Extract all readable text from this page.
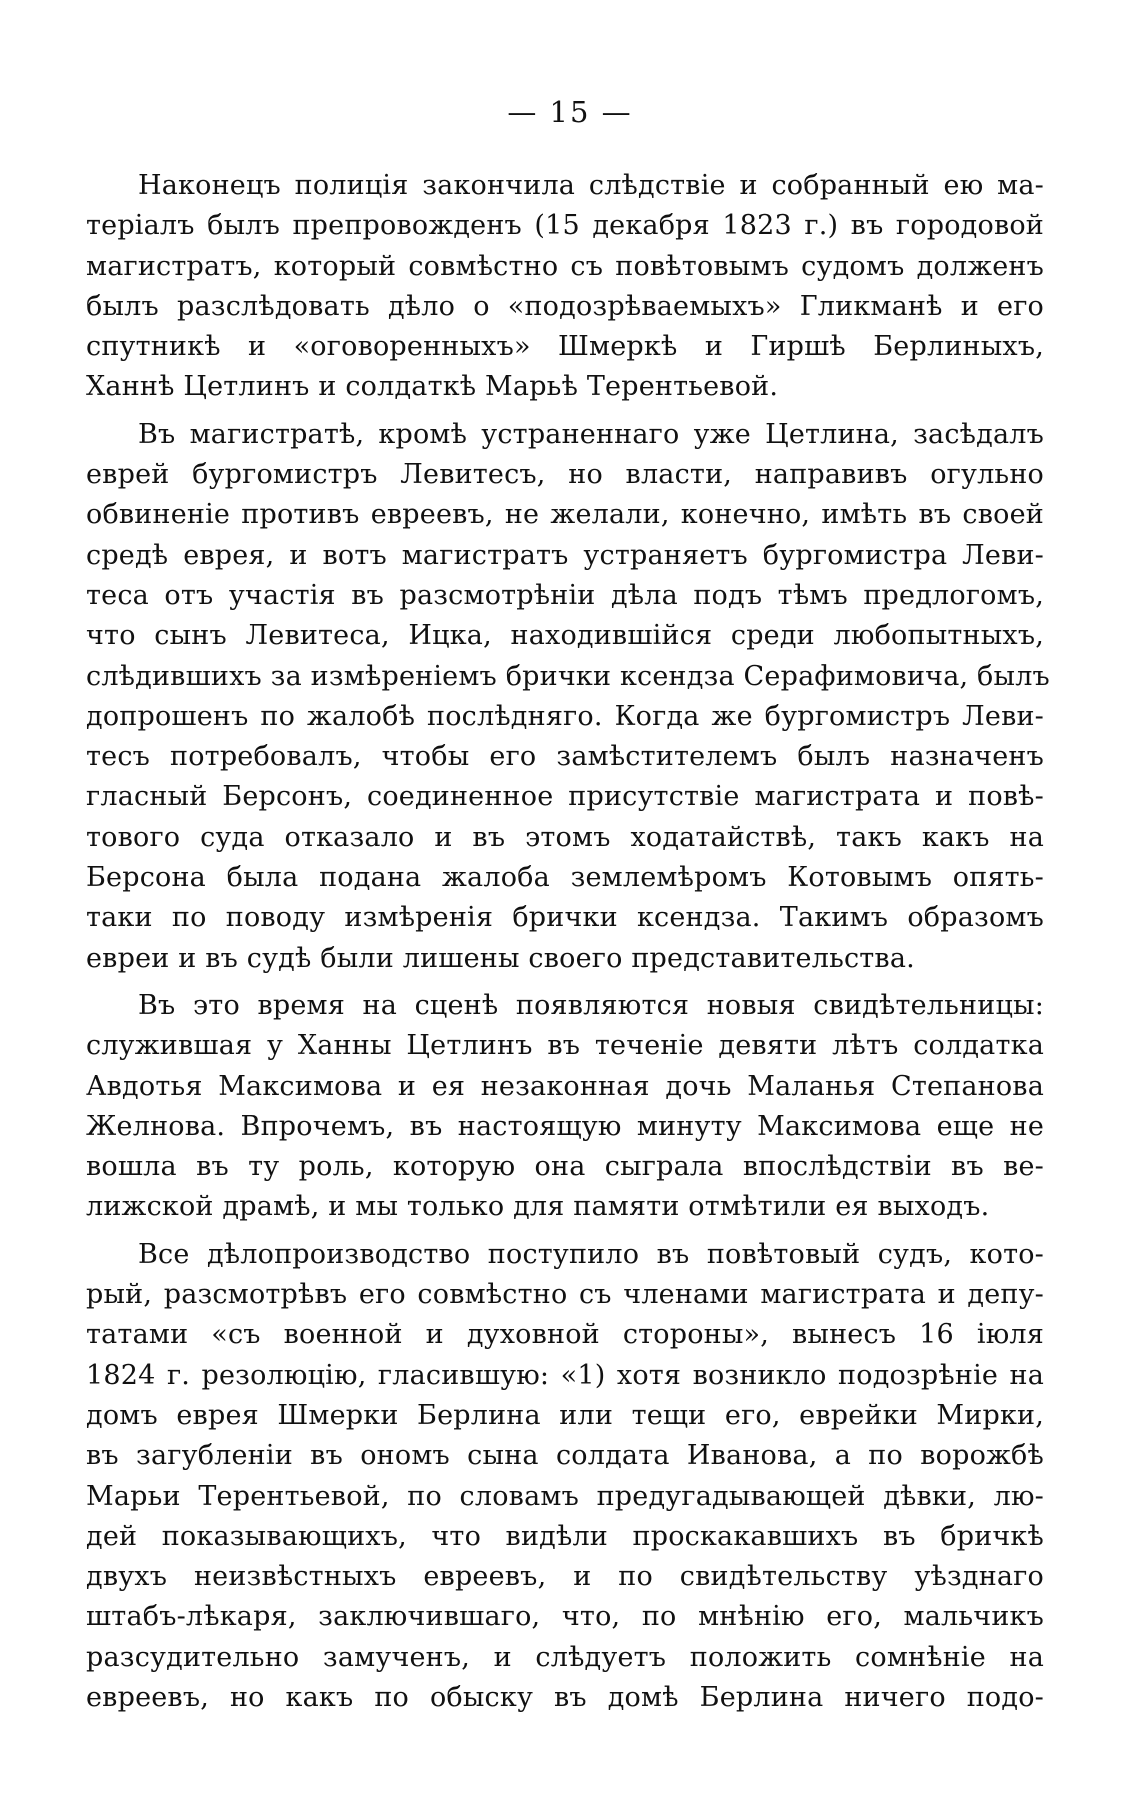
— 15 —
Наконецъ полиція закончила слѣдствіе и собранный ею ма-
теріалъ былъ препровожденъ (15 декабря 1823 г.) въ городовой
магистратъ, который совмѣстно съ повѣтовымъ судомъ долженъ
былъ разслѣдовать дѣло о «подозрѣваемыхъ» Гликманѣ и его
спутникѣ и «оговоренныхъ» Шмеркѣ и Гиршѣ Берлиныхъ,
Ханнѣ Цетлинъ и солдаткѣ Марьѣ Терентьевой.
Въ магистратѣ, кромѣ устраненнаго уже Цетлина, засѣдалъ
еврей бургомистръ Левитесъ, но власти, направивъ огульно
обвиненіе противъ евреевъ, не желали, конечно, имѣть въ своей
средѣ еврея, и вотъ магистратъ устраняетъ бургомистра Леви-
теса отъ участія въ разсмотрѣніи дѣла подъ тѣмъ предлогомъ,
что сынъ Левитеса, Ицка, находившійся среди любопытныхъ,
слѣдившихъ за измѣреніемъ брички ксендза Серафимовича, былъ
допрошенъ по жалобѣ послѣдняго. Когда же бургомистръ Леви-
тесъ потребовалъ, чтобы его замѣстителемъ былъ назначенъ
гласный Берсонъ, соединенное присутствіе магистрата и повѣ-
тового суда отказало и въ этомъ ходатайствѣ, такъ какъ на
Берсона была подана жалоба землемѣромъ Котовымъ опять-
таки по поводу измѣренія брички ксендза. Такимъ образомъ
евреи и въ судѣ были лишены своего представительства.
Въ это время на сценѣ появляются новыя свидѣтельницы:
служившая у Ханны Цетлинъ въ теченіе девяти лѣтъ солдатка
Авдотья Максимова и ея незаконная дочь Маланья Степанова
Желнова. Впрочемъ, въ настоящую минуту Максимова еще не
вошла въ ту роль, которую она сыграла впослѣдствіи въ ве-
лижской драмѣ, и мы только для памяти отмѣтили ея выходъ.
Все дѣлопроизводство поступило въ повѣтовый судъ, кото-
рый, разсмотрѣвъ его совмѣстно съ членами магистрата и депу-
татами «съ военной и духовной стороны», вынесъ 16 іюля
1824 г. резолюцію, гласившую: «1) хотя возникло подозрѣніе на
домъ еврея Шмерки Берлина или тещи его, еврейки Мирки,
въ загубленіи въ ономъ сына солдата Иванова, а по ворожбѣ
Марьи Терентьевой, по словамъ предугадывающей дѣвки, лю-
дей показывающихъ, что видѣли проскакавшихъ въ бричкѣ
двухъ неизвѣстныхъ евреевъ, и по свидѣтельству уѣзднаго
штабъ-лѣкаря, заключившаго, что, по мнѣнію его, мальчикъ
разсудительно замученъ, и слѣдуетъ положить сомнѣніе на
евреевъ, но какъ по обыску въ домѣ Берлина ничего подо-
